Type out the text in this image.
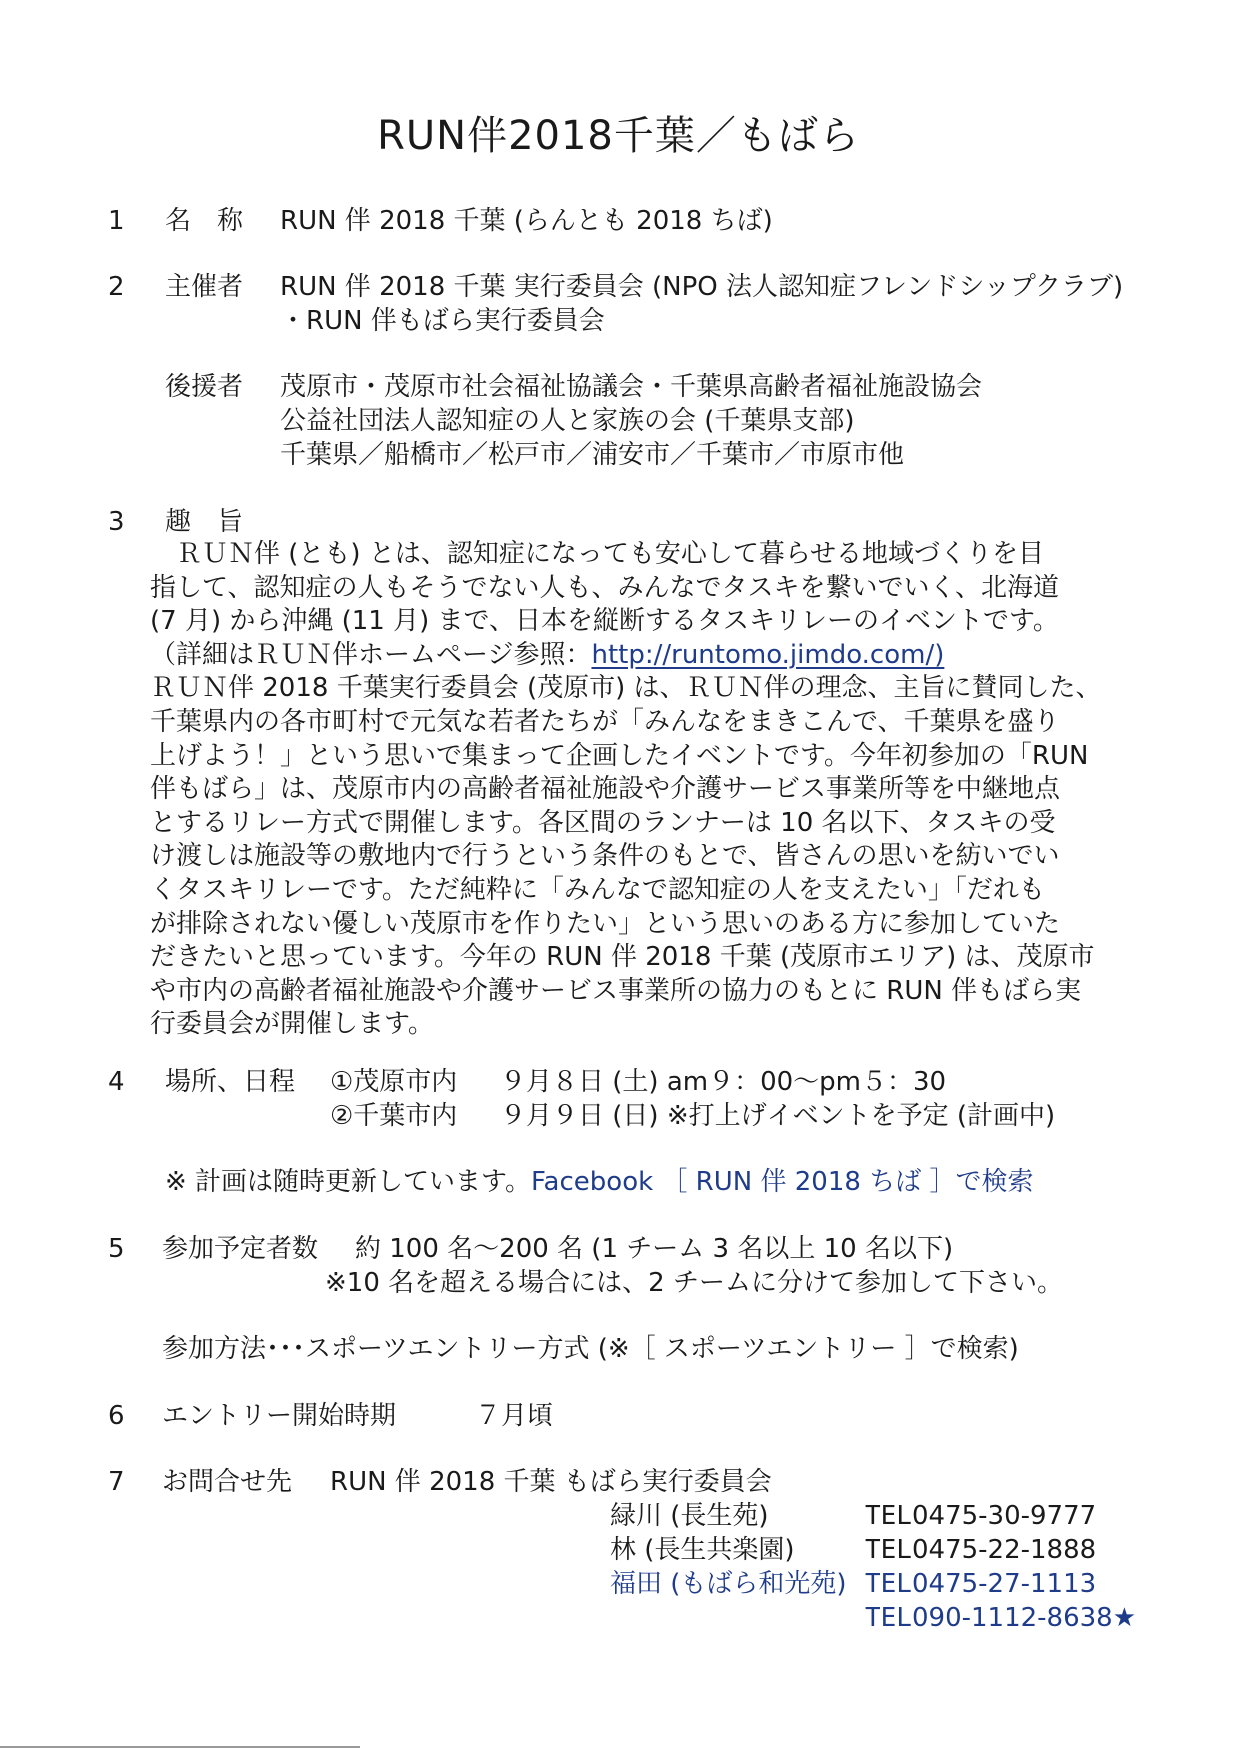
RUN伴2018千葉／もばら
1 名　称 RUN 伴 2018 千葉 (らんとも 2018 ちば)
2 主催者 RUN 伴 2018 千葉 実行委員会 (NPO 法人認知症フレンドシップクラブ)
・RUN 伴もばら実行委員会
後援者 茂原市・茂原市社会福祉協議会・千葉県高齢者福祉施設協会
公益社団法人認知症の人と家族の会 (千葉県支部)
千葉県／船橋市／松戸市／浦安市／千葉市／市原市他
3 趣　旨

　ＲＵＮ伴 (とも) とは、認知症になっても安心して暮らせる地域づくりを目

指して、認知症の人もそうでない人も、みんなでタスキを繋いでいく、北海道

(7 月) から沖縄 (11 月) まで、日本を縦断するタスキリレーのイベントです。

（詳細はＲＵＮ伴ホームページ参照：http://runtomo.jimdo.com/)

ＲＵＮ伴 2018 千葉実行委員会 (茂原市) は、ＲＵＮ伴の理念、主旨に賛同した、

千葉県内の各市町村で元気な若者たちが「みんなをまきこんで、千葉県を盛り

上げよう！」という思いで集まって企画したイベントです。今年初参加の「RUN

伴もばら」は、茂原市内の高齢者福祉施設や介護サービス事業所等を中継地点

とするリレー方式で開催します。各区間のランナーは 10 名以下、タスキの受

け渡しは施設等の敷地内で行うという条件のもとで、皆さんの思いを紡いでい

くタスキリレーです。ただ純粋に「みんなで認知症の人を支えたい」「だれも

が排除されない優しい茂原市を作りたい」という思いのある方に参加していた

だきたいと思っています。今年の RUN 伴 2018 千葉 (茂原市エリア) は、茂原市

や市内の高齢者福祉施設や介護サービス事業所の協力のもとに RUN 伴もばら実

行委員会が開催します。

4 場所、日程 ①茂原市内 ９月８日 (土) am９：00～pm５：30
②千葉市内 ９月９日 (日) ※打上げイベントを予定 (計画中)
※ 計画は随時更新しています。Facebook ［ RUN 伴 2018 ちば ］で検索
5 参加予定者数 約 100 名～200 名 (1 チーム 3 名以上 10 名以下)
※10 名を超える場合には、2 チームに分けて参加して下さい。
参加方法･･･スポーツエントリー方式 (※［ スポーツエントリー ］で検索)
6 エントリー開始時期	７月頃
7 お問合せ先 RUN 伴 2018 千葉 もばら実行委員会
緑川 (長生苑)	TEL 0475-30-9777
林 (長生共楽園)	TEL 0475-22-1888
福田 (もばら和光苑) TEL 0475-27-1113
TEL 090-1112-8638★
